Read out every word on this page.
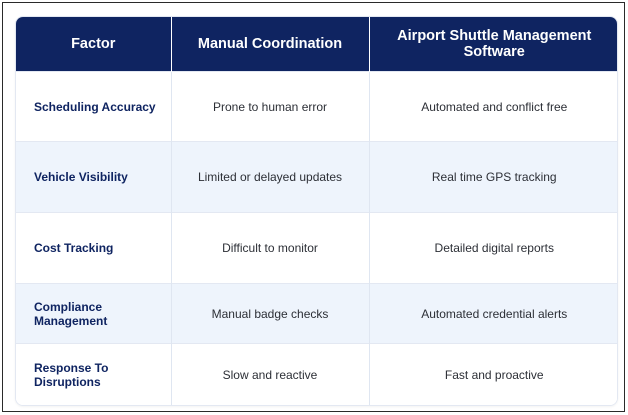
Factor	Manual Coordination	Airport Shuttle Management Software
Scheduling Accuracy	Prone to human error	Automated and conflict free
Vehicle Visibility	Limited or delayed updates	Real time GPS tracking
Cost Tracking	Difficult to monitor	Detailed digital reports
Compliance Management	Manual badge checks	Automated credential alerts
Response To Disruptions	Slow and reactive	Fast and proactive
